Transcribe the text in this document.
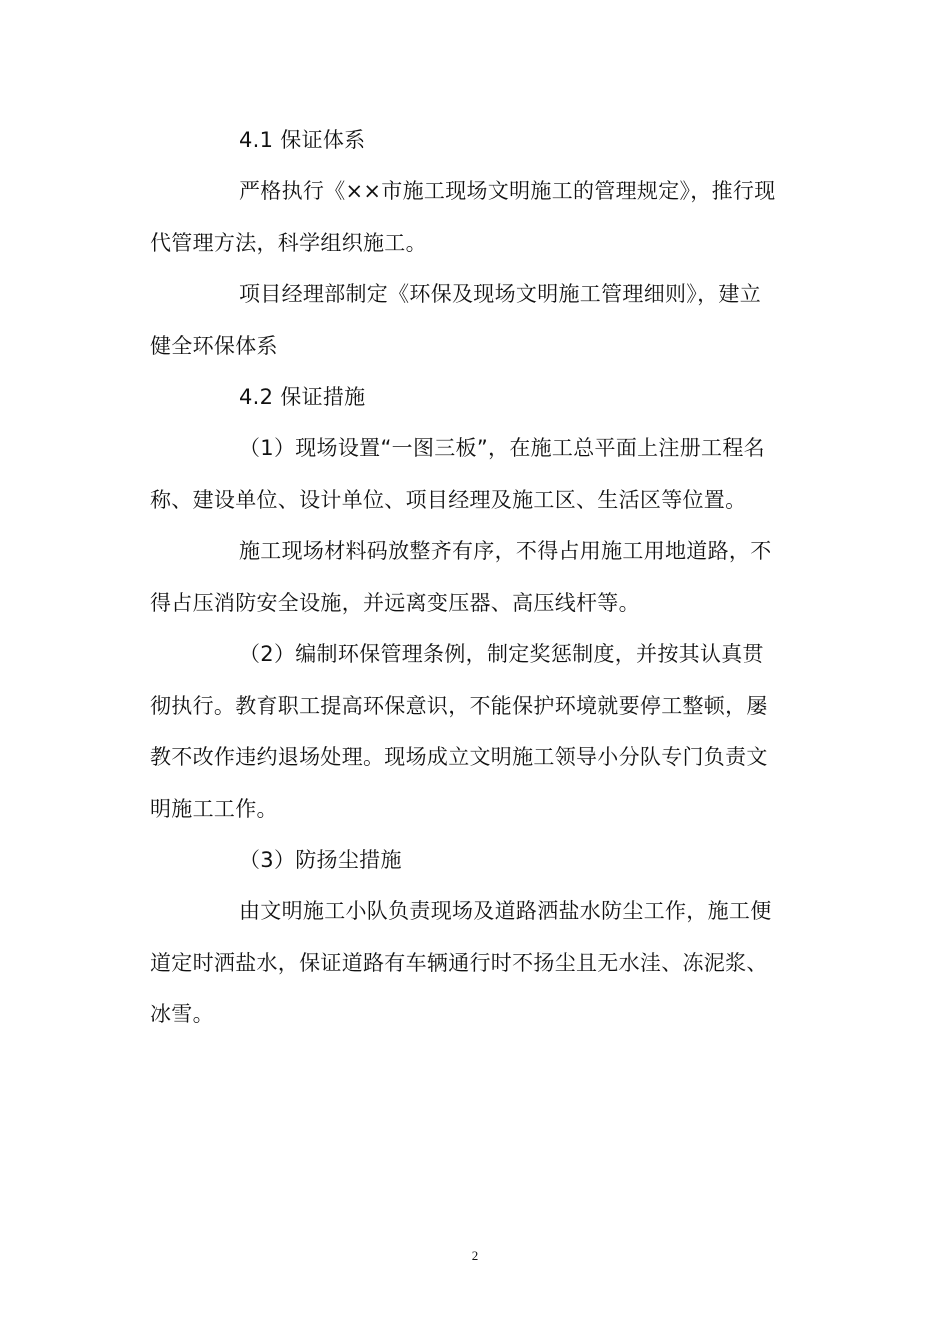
4.1 保证体系
严格执行《××市施工现场文明施工的管理规定》，推行现
代管理方法，科学组织施工。
项目经理部制定《环保及现场文明施工管理细则》，建立
健全环保体系
4.2 保证措施
（1）现场设置“一图三板”，在施工总平面上注册工程名
称、建设单位、设计单位、项目经理及施工区、生活区等位置。
施工现场材料码放整齐有序，不得占用施工用地道路，不
得占压消防安全设施，并远离变压器、高压线杆等。
（2）编制环保管理条例，制定奖惩制度，并按其认真贯
彻执行。教育职工提高环保意识，不能保护环境就要停工整顿，屡
教不改作违约退场处理。现场成立文明施工领导小分队专门负责文
明施工工作。
（3）防扬尘措施
由文明施工小队负责现场及道路洒盐水防尘工作，施工便
道定时洒盐水，保证道路有车辆通行时不扬尘且无水洼、冻泥浆、
冰雪。
2
